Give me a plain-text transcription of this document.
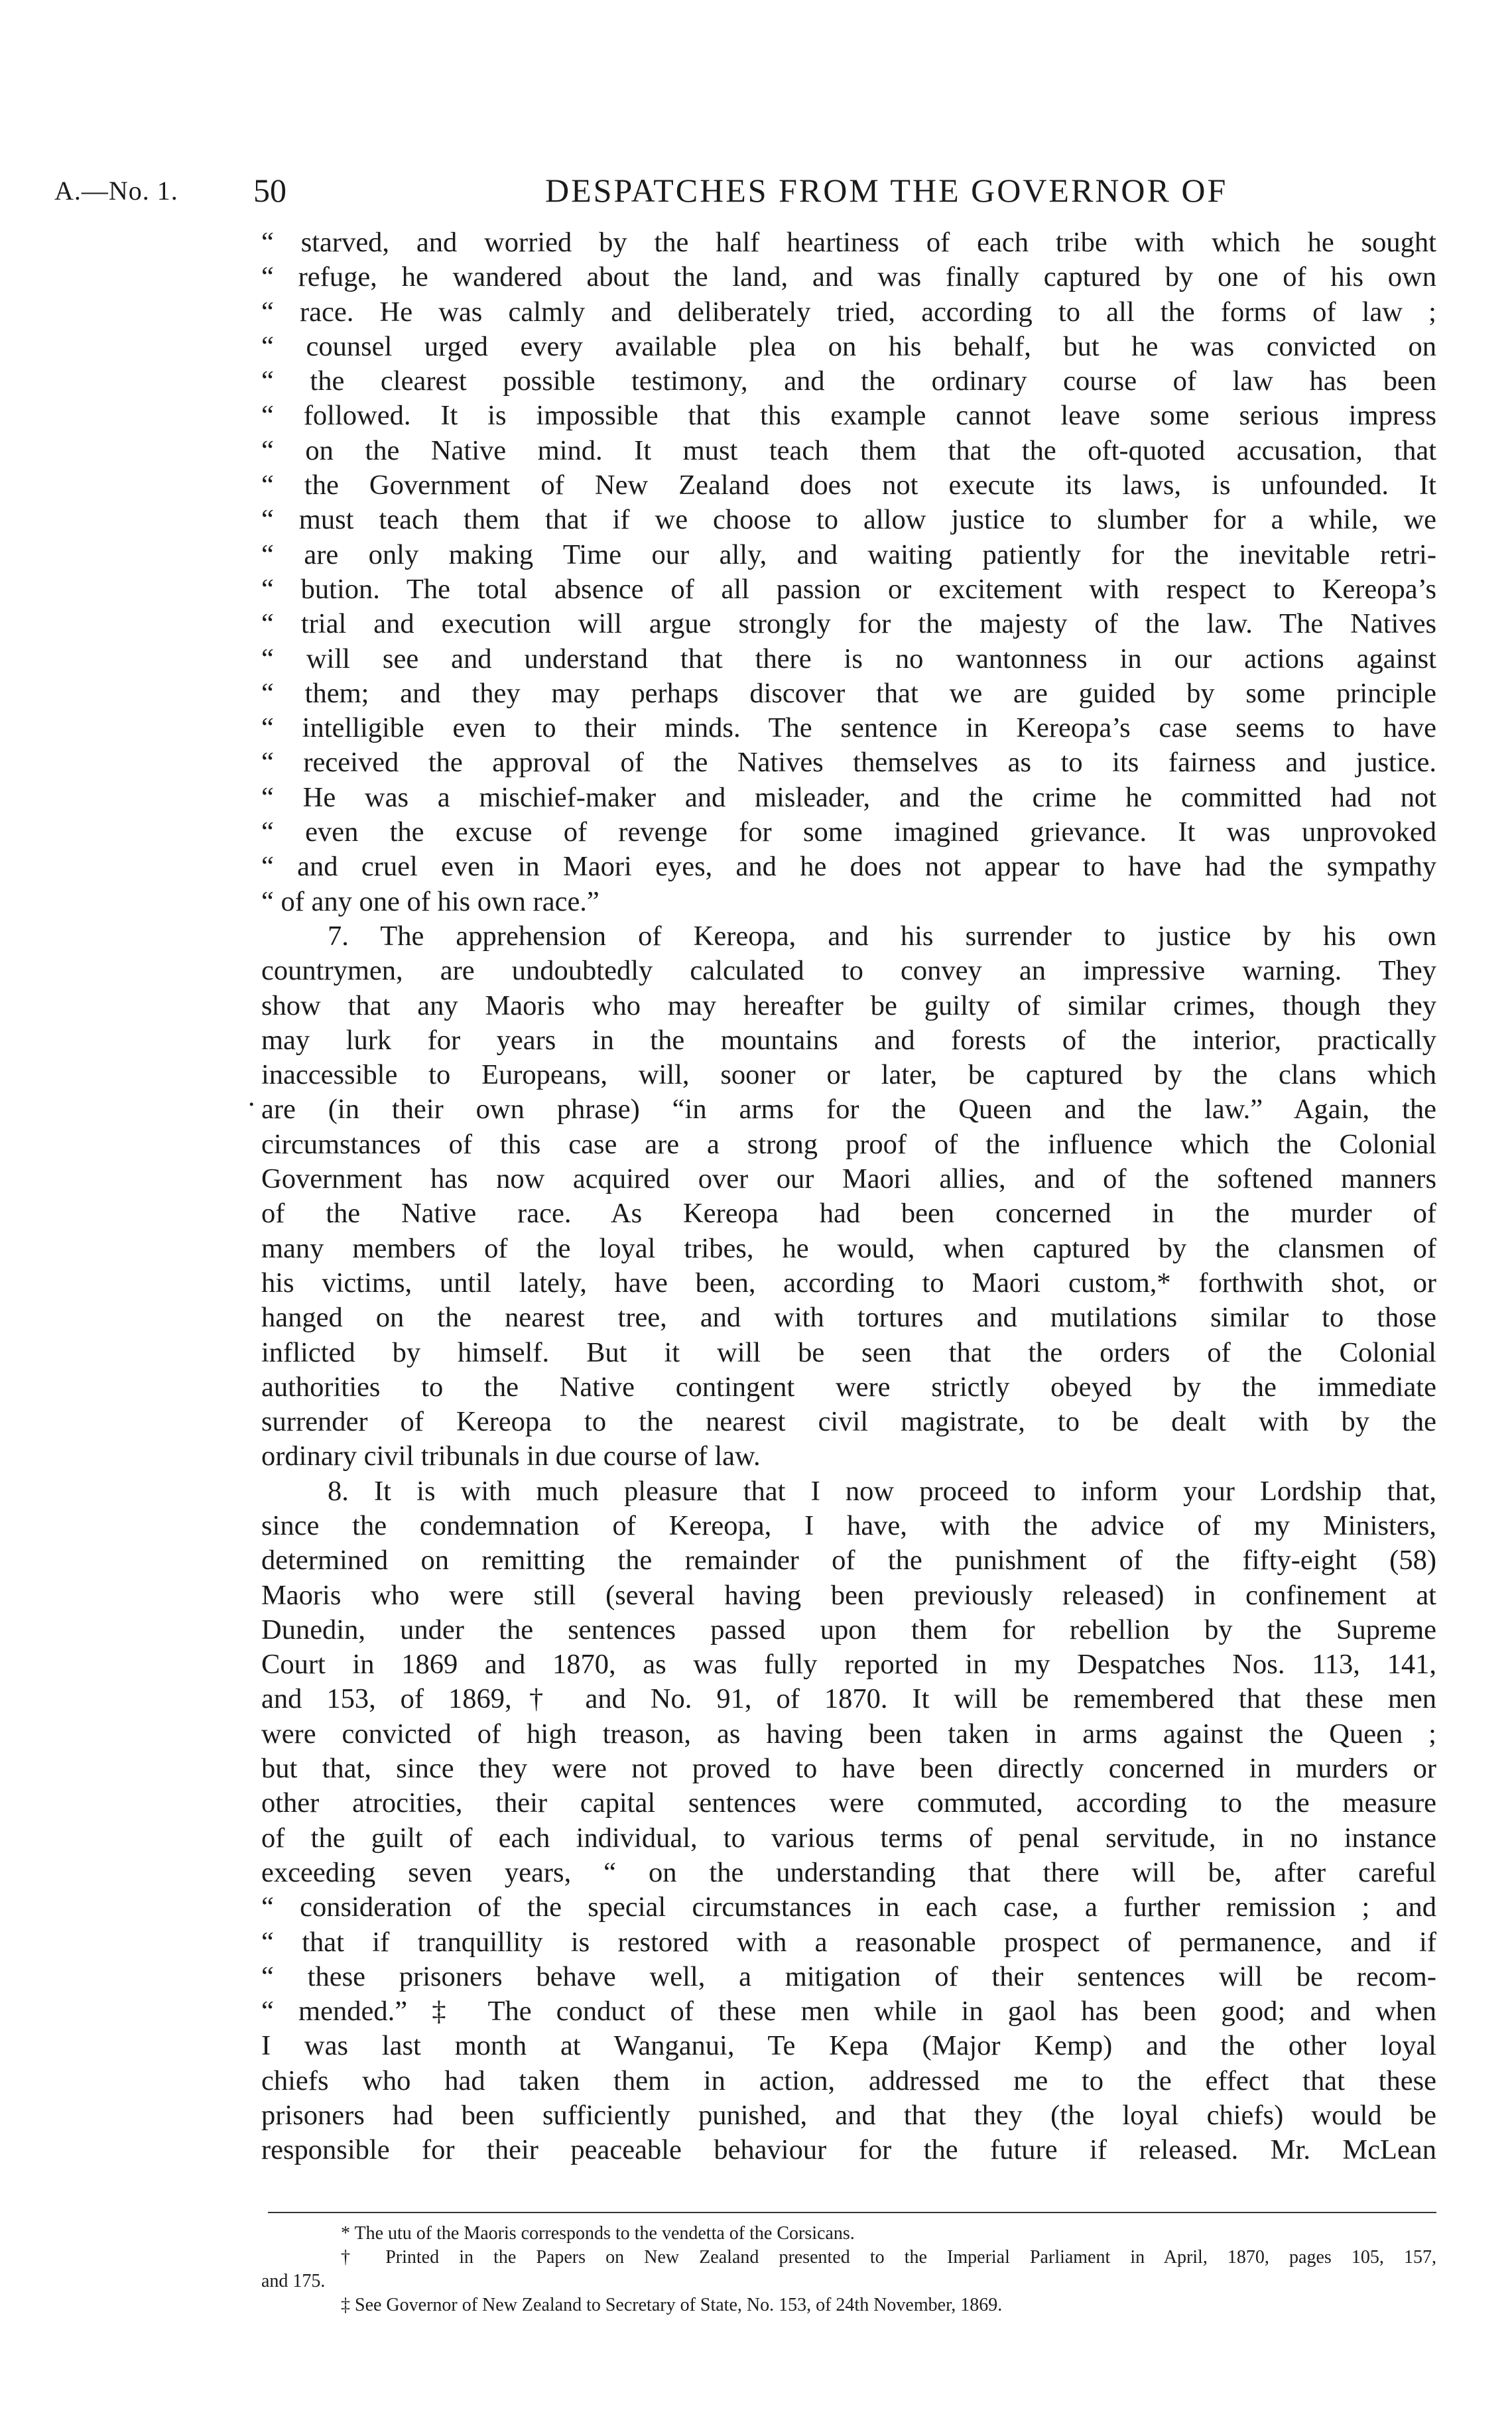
A.—No. 1. 50	DESPATCHES FROM THE GOVERNOR OF
.
“ starved, and worried by the half heartiness of each tribe with which he sought
“ refuge, he wandered about the land, and was finally captured by one of his own
“ race. He was calmly and deliberately tried, according to all the forms of law ;
“ counsel urged every available plea on his behalf, but he was convicted on
“ the clearest possible testimony, and the ordinary course of law has been
“ followed. It is impossible that this example cannot leave some serious impress
“ on the Native mind. It must teach them that the oft-quoted accusation, that
“ the Government of New Zealand does not execute its laws, is unfounded. It
“ must teach them that if we choose to allow justice to slumber for a while, we
“ are only making Time our ally, and waiting patiently for the inevitable retri-
“ bution. The total absence of all passion or excitement with respect to Kereopa’s
“ trial and execution will argue strongly for the majesty of the law. The Natives
“ will see and understand that there is no wantonness in our actions against
“ them; and they may perhaps discover that we are guided by some principle
“ intelligible even to their minds. The sentence in Kereopa’s case seems to have
“ received the approval of the Natives themselves as to its fairness and justice.
“ He was a mischief-maker and misleader, and the crime he committed had not
“ even the excuse of revenge for some imagined grievance. It was unprovoked
“ and cruel even in Maori eyes, and he does not appear to have had the sympathy
“ of any one of his own race.”
7. The apprehension of Kereopa, and his surrender to justice by his own
countrymen, are undoubtedly calculated to convey an impressive warning. They
show that any Maoris who may hereafter be guilty of similar crimes, though they
may lurk for years in the mountains and forests of the interior, practically
inaccessible to Europeans, will, sooner or later, be captured by the clans which
are (in their own phrase) “in arms for the Queen and the law.” Again, the
circumstances of this case are a strong proof of the influence which the Colonial
Government has now acquired over our Maori allies, and of the softened manners
of the Native race. As Kereopa had been concerned in the murder of
many members of the loyal tribes, he would, when captured by the clansmen of
his victims, until lately, have been, according to Maori custom,* forthwith shot, or
hanged on the nearest tree, and with tortures and mutilations similar to those
inflicted by himself. But it will be seen that the orders of the Colonial
authorities to the Native contingent were strictly obeyed by the immediate
surrender of Kereopa to the nearest civil magistrate, to be dealt with by the
ordinary civil tribunals in due course of law.
8. It is with much pleasure that I now proceed to inform your Lordship that,
since the condemnation of Kereopa, I have, with the advice of my Ministers,
determined on remitting the remainder of the punishment of the fifty-eight (58)
Maoris who were still (several having been previously released) in confinement at
Dunedin, under the sentences passed upon them for rebellion by the Supreme
Court in 1869 and 1870, as was fully reported in my Despatches Nos. 113, 141,
and 153, of 1869,† and No. 91, of 1870. It will be remembered that these men
were convicted of high treason, as having been taken in arms against the Queen ;
but that, since they were not proved to have been directly concerned in murders or
other atrocities, their capital sentences were commuted, according to the measure
of the guilt of each individual, to various terms of penal servitude, in no instance
exceeding seven years, “ on the understanding that there will be, after careful
“ consideration of the special circumstances in each case, a further remission ; and
“ that if tranquillity is restored with a reasonable prospect of permanence, and if
“ these prisoners behave well, a mitigation of their sentences will be recom-
“ mended.” ‡ The conduct of these men while in gaol has been good; and when
I was last month at Wanganui, Te Kepa (Major Kemp) and the other loyal
chiefs who had taken them in action, addressed me to the effect that these
prisoners had been sufficiently punished, and that they (the loyal chiefs) would be
responsible for their peaceable behaviour for the future if released. Mr. McLean
* The utu of the Maoris corresponds to the vendetta of the Corsicans.
† Printed in the Papers on New Zealand presented to the Imperial Parliament in April, 1870, pages 105, 157,
and 175.
‡ See Governor of New Zealand to Secretary of State, No. 153, of 24th November, 1869.
